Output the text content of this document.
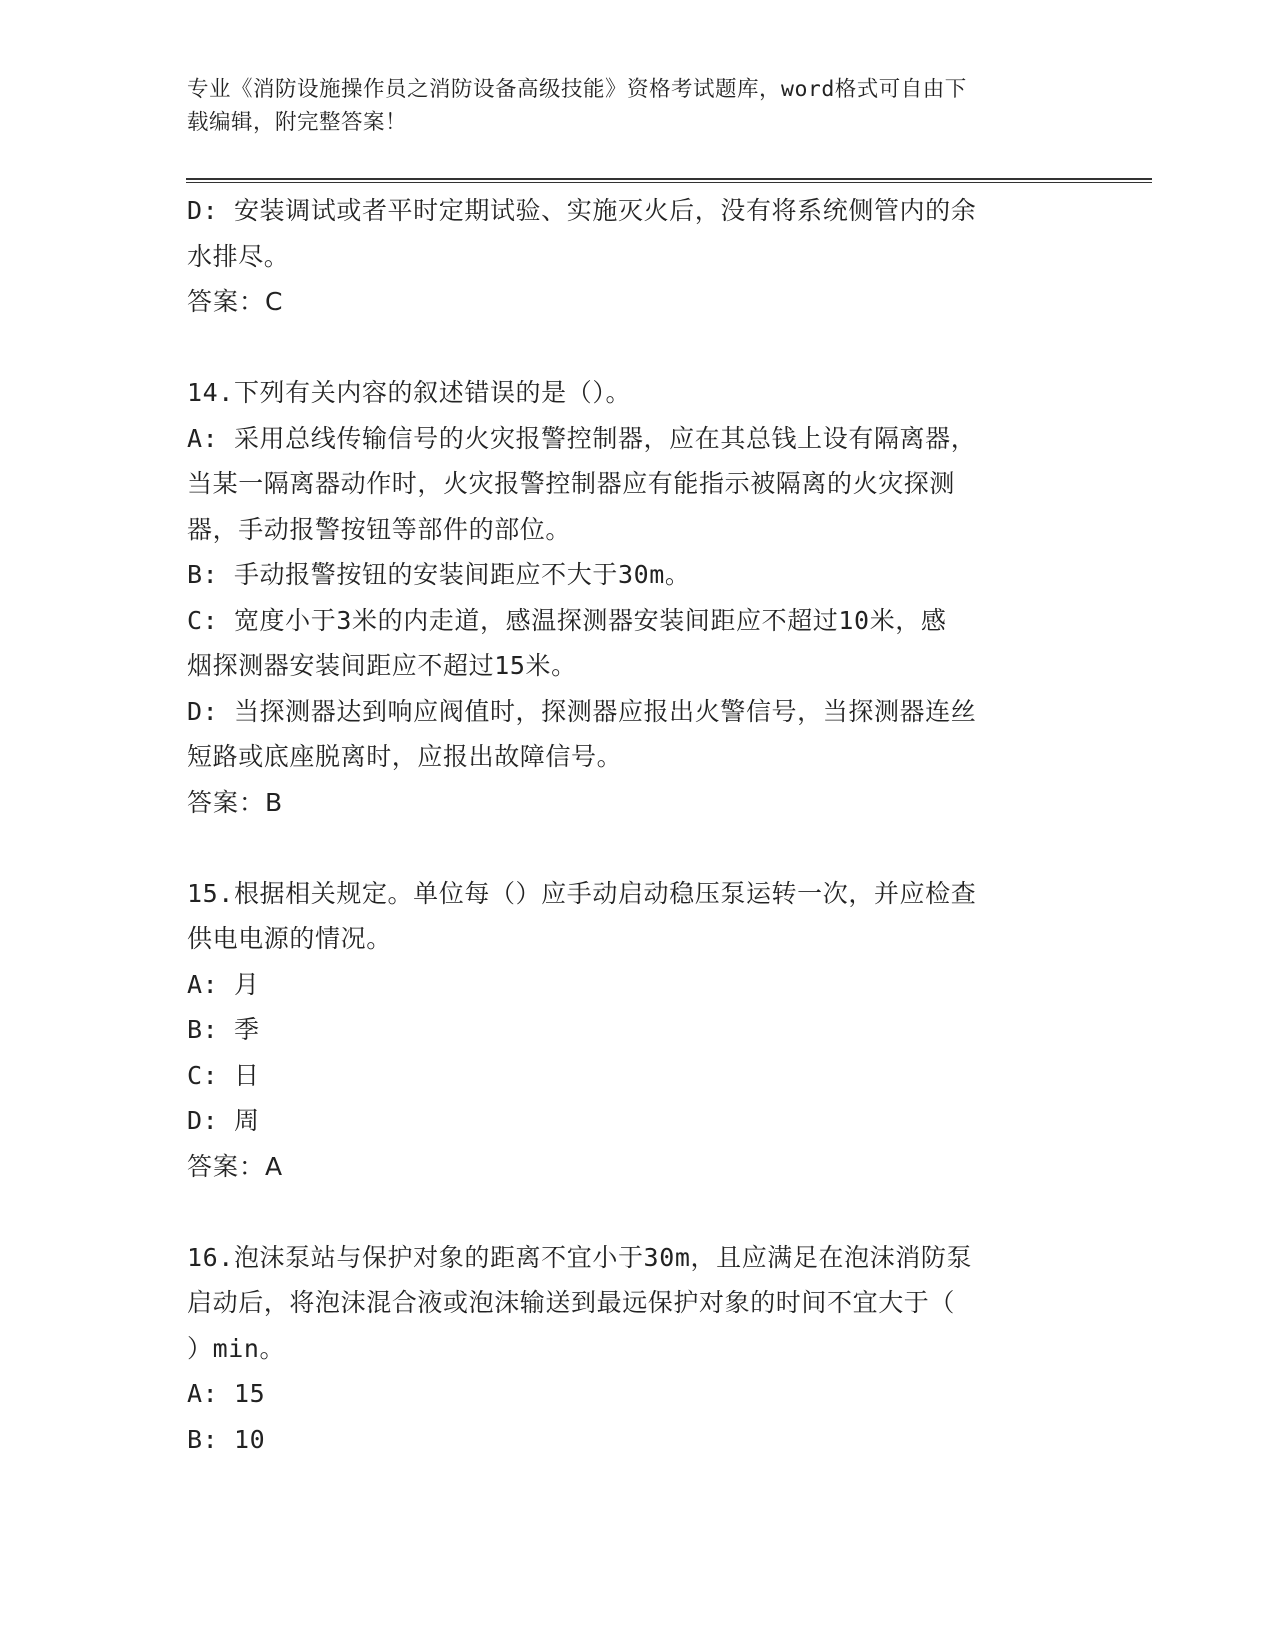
专业《消防设施操作员之消防设备高级技能》资格考试题库，word格式可自由下
载编辑，附完整答案！
D: 安装调试或者平时定期试验、实施灭火后，没有将系统侧管内的余
水排尽。
答案：C
14.下列有关内容的叙述错误的是（）。
A: 采用总线传输信号的火灾报警控制器，应在其总钱上设有隔离器，
当某一隔离器动作时，火灾报警控制器应有能指示被隔离的火灾探测
器，手动报警按钮等部件的部位。
B: 手动报警按钮的安装间距应不大于30m。
C: 宽度小于3米的内走道，感温探测器安装间距应不超过10米，感
烟探测器安装间距应不超过15米。
D: 当探测器达到响应阀值时，探测器应报出火警信号，当探测器连丝
短路或底座脱离时，应报出故障信号。
答案：B
15.根据相关规定。单位每（）应手动启动稳压泵运转一次，并应检查
供电电源的情况。
A: 月
B: 季
C: 日
D: 周
答案：A
16.泡沫泵站与保护对象的距离不宜小于30m，且应满足在泡沫消防泵
启动后，将泡沫混合液或泡沫输送到最远保护对象的时间不宜大于（
）min。
A: 15
B: 10
